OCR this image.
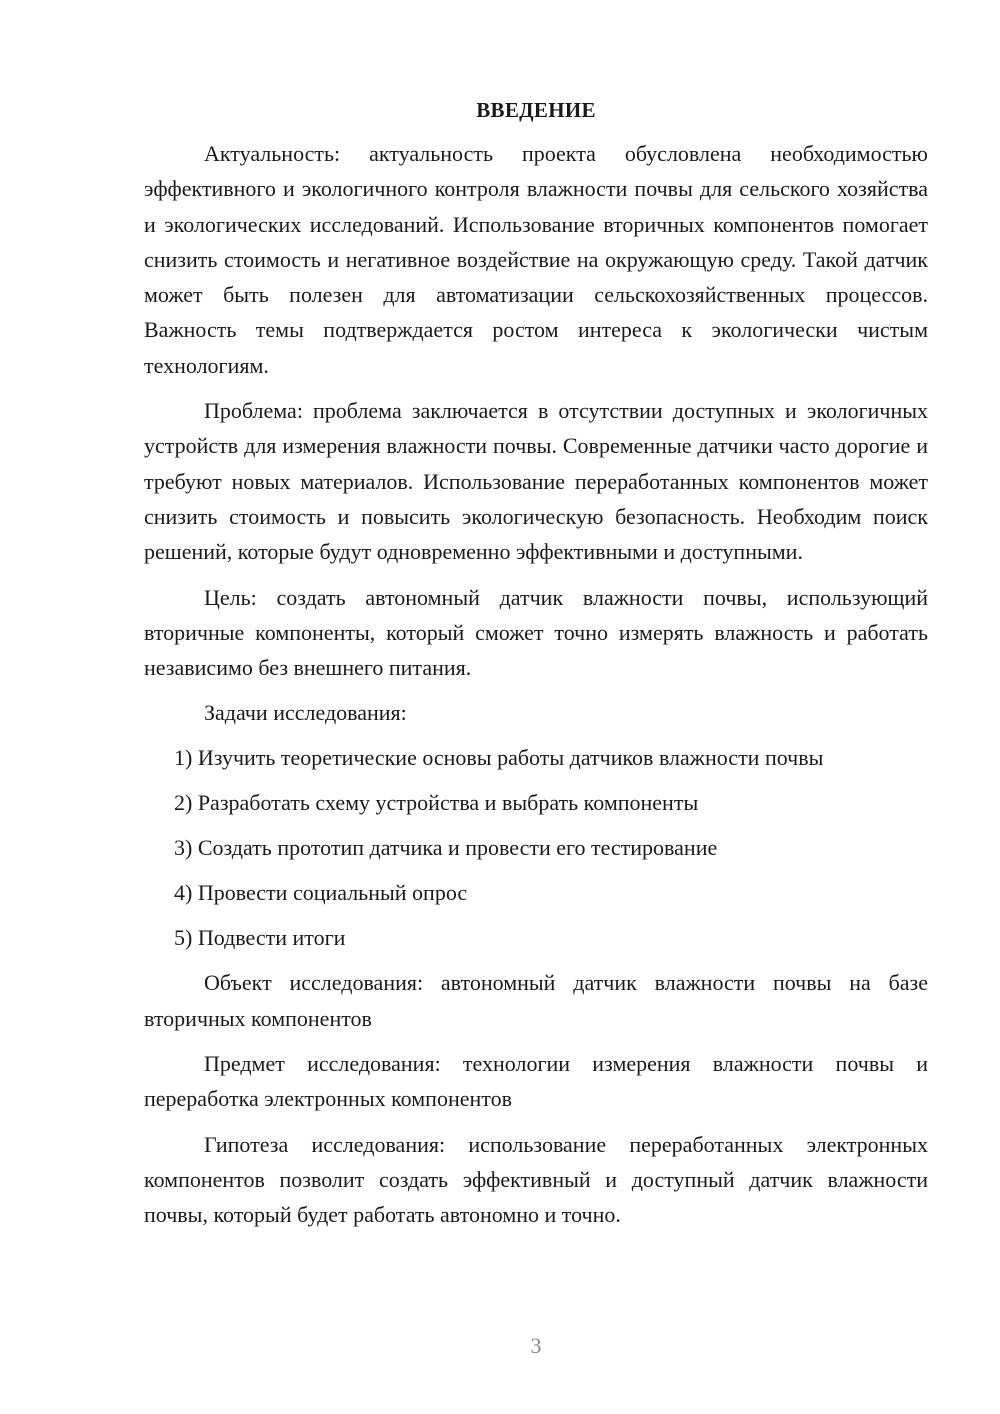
ВВЕДЕНИЕ

Актуальность: актуальность проекта обусловлена необходимостью эффективного и экологичного контроля влажности почвы для сельского хозяйства и экологических исследований. Использование вторичных компонентов помогает снизить стоимость и негативное воздействие на окружающую среду. Такой датчик может быть полезен для автоматизации сельскохозяйственных процессов. Важность темы подтверждается ростом интереса к экологически чистым технологиям.

Проблема: проблема заключается в отсутствии доступных и экологичных устройств для измерения влажности почвы. Современные датчики часто дорогие и требуют новых материалов. Использование переработанных компонентов может снизить стоимость и повысить экологическую безопасность. Необходим поиск решений, которые будут одновременно эффективными и доступными.

Цель: создать автономный датчик влажности почвы, использующий вторичные компоненты, который сможет точно измерять влажность и работать независимо без внешнего питания.

Задачи исследования:

1) Изучить теоретические основы работы датчиков влажности почвы
2) Разработать схему устройства и выбрать компоненты
3) Создать прототип датчика и провести его тестирование
4) Провести социальный опрос
5) Подвести итоги

Объект исследования: автономный датчик влажности почвы на базе вторичных компонентов

Предмет исследования: технологии измерения влажности почвы и переработка электронных компонентов

Гипотеза исследования: использование переработанных электронных компонентов позволит создать эффективный и доступный датчик влажности почвы, который будет работать автономно и точно.

3
